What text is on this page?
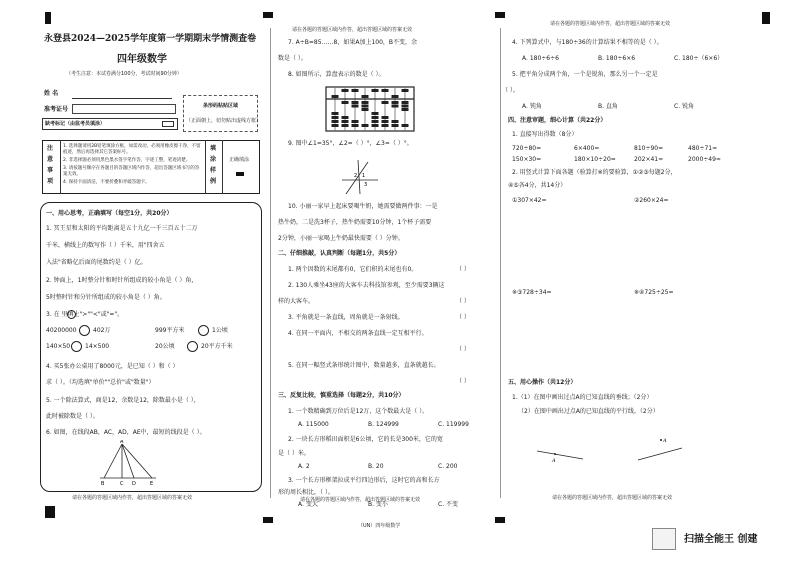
请在各题的答题区域内作答，超出答题区域的答案无效
请在各题的答题区域内作答，超出答题区域的答案无效
永登县2024—2025学年度第一学期期末学情测查卷
四年级数学
（考生注意：本试卷满分100分，考试时间90分钟）
姓 名
准考证号
缺考标记（由监考员填涂）
条形码粘贴区域
（正面朝上，切勿贴出虚线方框）
注
意
事
项
1. 选择题请用2B铅笔填涂方框，如需改动，必须用橡皮擦干净，不留痕迹，然后再选择其它答案标号。
2. 非选择题必须用黑色墨水签字笔作答，字迹工整，笔迹清楚。
3. 请按题号顺序在各题目的答题区域内作答，超出答题区域书写的答案无效。
4. 保持卡面清洁，不要折叠和弄破答题卡。
填
涂
样
例
正确填涂
一、用心思考，正确填写（每空1分，共20分）
1. 冥王星和太阳的平均距离是五十九亿一千三百五十二万
千米，横线上的数写作（ ）千米，用"四舍五
入法"省略亿后面的尾数约是（ ）亿。
2. 钟面上，1时整分针和时针所组成的较小角是（ ）角，
5时整时针和分针所组成的较小角是（ ）角。
3. 在 里填上">""<"或"="。
40200000	402万	999平方米	1公顷
140×50 14×500	20公顷	20平方千米
4. 买5张办公桌用了8000元，是已知（ ）和（ ）
求（ ）。（均选填"单价""总价"或"数量"）
5. 一个除法算式，商是12，余数是12，除数最小是（ ），
此时被除数是（ ）。
6. 如图，在线段AB，AC，AD，AE中，最短的线段是（ ）。
A
B	C D	E
请在各题的答题区域内作答，超出答题区域的答案无效
7. A÷B=85……8，如果A加上100，B不变，余
数是（ ）。
8. 如图所示，算盘表示的数是（ ）。
9. 图中∠1=35°，∠2=（ ）°，∠3=（ ）°。
1
2
3
10. 小丽一家早上起床要喝牛奶，她需要做两件事：一是
热牛奶，二是洗3杯子，热牛奶需要10分钟，1个杯子需要
2分钟，小丽一家喝上牛奶最快需要（ ）分钟。
二、仔细推敲，认真判断（每题1分，共5分）
1. 两个因数的末尾都有0，它们积的末尾也有0。	（ ）
2. 130人乘坐43座的大客车去科技馆参观，至少需要3辆这
样的大客车。	（ ）
3. 平角就是一条直线，周角就是一条射线。	（ ）
4. 在同一平面内，不相交的两条直线一定互相平行。
（ ）
5. 在同一幅竖式条形统计图中，数量越多，直条就越长。
（ ）
三、反复比较，慎重选择（每题2分，共10分）
1. 一个数精确到万位后是12万，这个数最大是（ ）。
A. 115000	B. 124999	C. 119999
2. 一块长方形稻田面积是6公顷，它的长是300米，它的宽
是（ ）米。
A. 2	B. 20	C. 200
3. 一个长方形框架拉成平行四边形后，这时它的高和长方
形的周长相比，（ ）。
A. 变大	B. 变小	C. 不变
（UN）四年级数学
4. 下列算式中，与180÷36的计算结果不相等的是（ ）。
A. 180÷6÷6	B. 180÷6×6	C. 180÷（6×6）
5. 把平角分成两个角，一个是锐角，那么另一个一定是
（ ）。
A. 钝角	B. 直角	C. 锐角
四、注意审题，细心计算（共22分）
1. 直接写出得数（8分）
720÷80=	6×400=	810÷90=	480÷71≈
150×30=	180×10÷20=	202×41≈	2000÷49≈
2. 用竖式计算下面各题（验算打※的要验算，①②③每题2分，
④⑤各4分，共14分）
①307×42=	②260×24=
※③728÷34=	※④725÷25=
五、用心操作（共12分）
1.（1）在图中画出过点A的已知直线的垂线；（2分）
（2）在图中画出过点A的已知直线的平行线。（2分）
A
A
请在各题的答题区域内作答，超出答题区域的答案无效	请在各题的答题区域内作答，超出答题区域的答案无效
扫描全能王 创建
